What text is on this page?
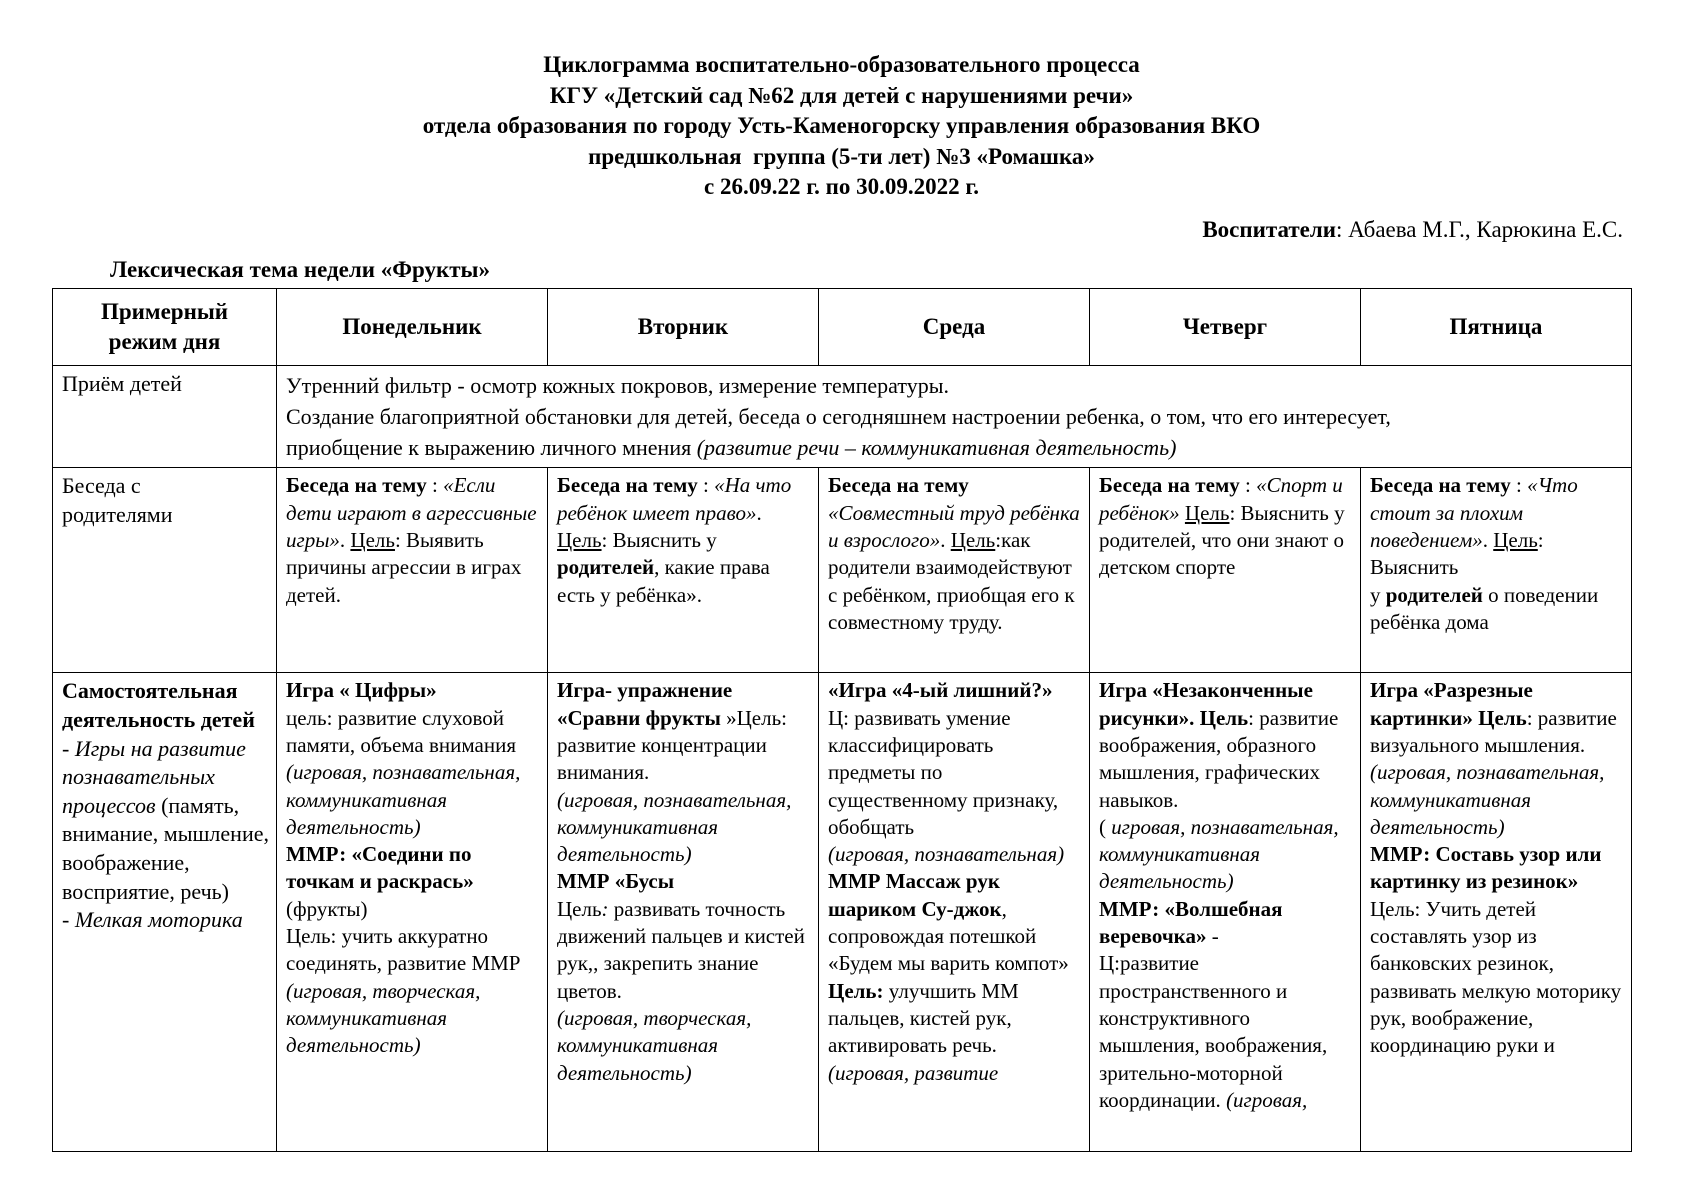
Циклограмма воспитательно-образовательного процесса
КГУ «Детский сад №62 для детей с нарушениями речи»
отдела образования по городу Усть-Каменогорску управления образования ВКО
предшкольная  группа (5-ти лет) №3 «Ромашка»
с 26.09.22 г. по 30.09.2022 г.
Воспитатели: Абаева М.Г., Карюкина Е.С.
Лексическая тема недели «Фрукты»
Примерный
режим дня	Понедельник	Вторник	Среда	Четверг	Пятница
Приём детей	Утренний фильтр - осмотр кожных покровов, измерение температуры.
Создание благоприятной обстановки для детей, беседа о сегодняшнем настроении ребенка, о том, что его интересует,
приобщение к выражению личного мнения (развитие речи – коммуникативная деятельность)				
Беседа с
родителями	Беседа на тему : «Если дети играют в агрессивные игры». Цель: Выявить причины агрессии в играх детей.	Беседа на тему : «На что ребёнок имеет право». Цель: Выяснить у родителей, какие права есть у ребёнка».	Беседа на тему
«Совместный труд ребёнка и взрослого». Цель:как родители взаимодействуют с ребёнком, приобщая его к совместному труду.	Беседа на тему : «Спорт и ребёнок» Цель: Выяснить у родителей, что они знают о детском спорте	Беседа на тему : «Что стоит за плохим поведением». Цель: Выяснить
у родителей о поведении ребёнка дома
Самостоятельная деятельность детей
- Игры на развитие познавательных процессов (память, внимание, мышление, воображение, восприятие, речь)
- Мелкая моторика	Игра « Цифры»
цель: развитие слуховой памяти, объема внимания
(игровая, познавательная, коммуникативная деятельность)
ММР: «Соедини по точкам и раскрась»
(фрукты)
Цель: учить аккуратно соединять, развитие ММР
(игровая, творческая, коммуникативная деятельность)	Игра- упражнение «Сравни фрукты »Цель: развитие концентрации внимания.
(игровая, познавательная, коммуникативная деятельность)
ММР «Бусы
Цель: развивать точность движений пальцев и кистей рук,, закрепить знание цветов.
(игровая, творческая, коммуникативная деятельность)	«Игра «4-ый лишний?»
Ц: развивать умение классифицировать предметы по существенному признаку, обобщать
(игровая, познавательная)
ММР Массаж рук шариком Су-джок, сопровождая потешкой «Будем мы варить компот» Цель: улучшить ММ пальцев, кистей рук, активировать речь.
(игровая, развитие	Игра «Незаконченные рисунки». Цель: развитие воображения, образного мышления, графических навыков.
( игровая, познавательная, коммуникативная деятельность)
ММР: «Волшебная веревочка» -
Ц:развитие пространственного и конструктивного мышления, воображения, зрительно-моторной координации. (игровая,	Игра «Разрезные картинки» Цель: развитие визуального мышления.
(игровая, познавательная, коммуникативная деятельность)
ММР: Составь узор или картинку из резинок»
Цель: Учить детей составлять узор из банковских резинок, развивать мелкую моторику рук, воображение, координацию руки и
